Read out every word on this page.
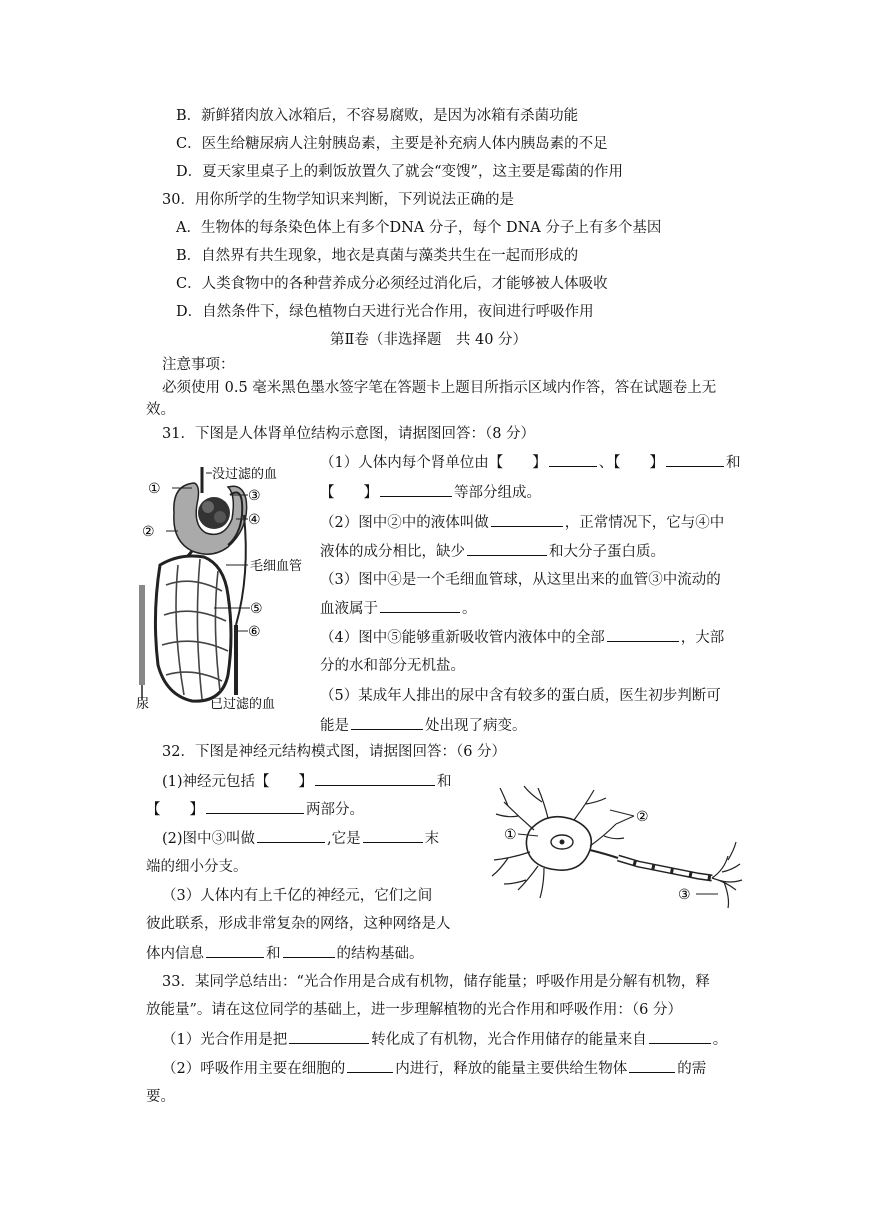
B．新鲜猪肉放入冰箱后，不容易腐败，是因为冰箱有杀菌功能
C．医生给糖尿病人注射胰岛素，主要是补充病人体内胰岛素的不足
D．夏天家里桌子上的剩饭放置久了就会“变馊”，这主要是霉菌的作用
30．用你所学的生物学知识来判断，下列说法正确的是
A．生物体的每条染色体上有多个DNA 分子，每个 DNA 分子上有多个基因
B．自然界有共生现象，地衣是真菌与藻类共生在一起而形成的
C．人类食物中的各种营养成分必须经过消化后，才能够被人体吸收
D．自然条件下，绿色植物白天进行光合作用，夜间进行呼吸作用
第Ⅱ卷（非选择题　共 40 分）
注意事项：
必须使用 0.5 毫米黑色墨水签字笔在答题卡上题目所指示区域内作答，答在试题卷上无
效。
31．下图是人体肾单位结构示意图，请据图回答：（8 分）
没过滤的血
①	③
④
②
毛细血管
⑤
⑥
尿	已过滤的血
（1）人体内每个肾单位由【　　】	、【　　】	和
【　　】	等部分组成。
（2）图中②中的液体叫做	，正常情况下，它与④中
液体的成分相比，缺少	和大分子蛋白质。
（3）图中④是一个毛细血管球，从这里出来的血管③中流动的
血液属于	。
（4）图中⑤能够重新吸收管内液体中的全部	，大部
分的水和部分无机盐。
（5）某成年人排出的尿中含有较多的蛋白质，医生初步判断可
能是	处出现了病变。
32．下图是神经元结构模式图，请据图回答：（6 分）
(1)神经元包括【　　】	和
【　　】	两部分。
(2)图中③叫做	,它是	末
端的细小分支。
（3）人体内有上千亿的神经元，它们之间
彼此联系，形成非常复杂的网络，这种网络是人
体内信息	和	的结构基础。
①
②
③
33．某同学总结出：“光合作用是合成有机物，储存能量；呼吸作用是分解有机物，释
放能量”。请在这位同学的基础上，进一步理解植物的光合作用和呼吸作用：（6 分）
（1）光合作用是把	转化成了有机物，光合作用储存的能量来自	。
（2）呼吸作用主要在细胞的	内进行，释放的能量主要供给生物体	的需
要。
